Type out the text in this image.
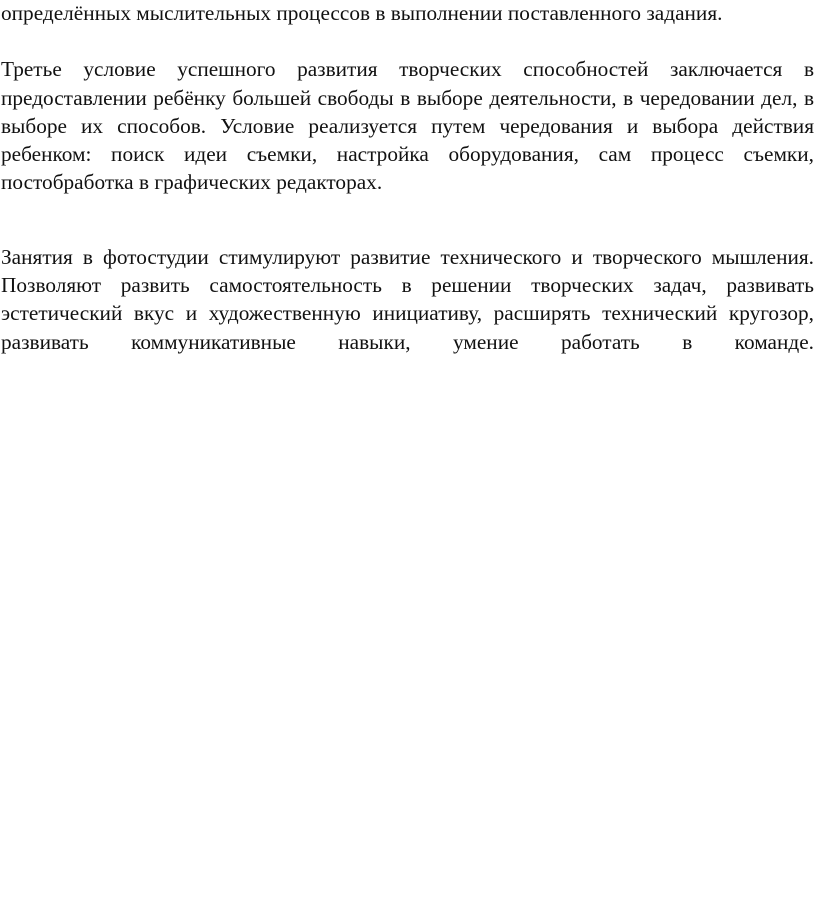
определённых мыслительных процессов в выполнении поставленного задания.

Третье условие успешного развития творческих способностей заключается в предоставлении ребёнку большей свободы в выборе деятельности, в чередовании дел, в выборе их способов. Условие реализуется путем чередования и выбора действия ребенком: поиск идеи съемки, настройка оборудования, сам процесс съемки, постобработка в графических редакторах.

Занятия в фотостудии стимулируют развитие технического и творческого мышления. Позволяют развить самостоятельность в решении творческих задач, развивать эстетический вкус и художественную инициативу, расширять технический кругозор, развивать коммуникативные навыки, умение работать в команде.
